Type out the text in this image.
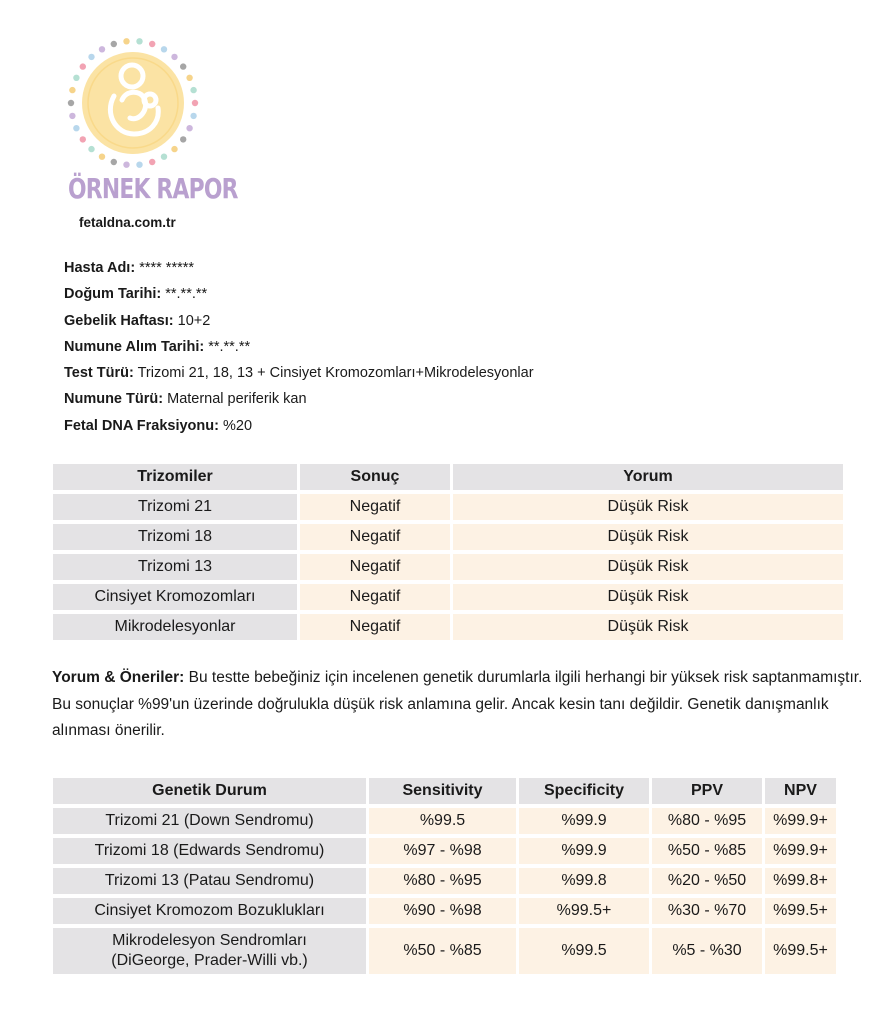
ÖRNEK RAPOR
fetaldna.com.tr
Hasta Adı: **** *****
Doğum Tarihi: **.**.**
Gebelik Haftası: 10+2
Numune Alım Tarihi: **.**.**
Test Türü: Trizomi 21, 18, 13 + Cinsiyet Kromozomları+Mikrodelesyonlar
Numune Türü: Maternal periferik kan
Fetal DNA Fraksiyonu: %20
Trizomiler	Sonuç	Yorum
Trizomi 21	Negatif	Düşük Risk
Trizomi 18	Negatif	Düşük Risk
Trizomi 13	Negatif	Düşük Risk
Cinsiyet Kromozomları	Negatif	Düşük Risk
Mikrodelesyonlar	Negatif	Düşük Risk
Yorum & Öneriler: Bu testte bebeğiniz için incelenen genetik durumlarla ilgili herhangi bir yüksek risk saptanmamıştır. Bu sonuçlar %99'un üzerinde doğrulukla düşük risk anlamına gelir. Ancak kesin tanı değildir. Genetik danışmanlık alınması önerilir.
Genetik Durum	Sensitivity	Specificity	PPV	NPV
Trizomi 21 (Down Sendromu)	%99.5	%99.9	%80 - %95	%99.9+
Trizomi 18 (Edwards Sendromu)	%97 - %98	%99.9	%50 - %85	%99.9+
Trizomi 13 (Patau Sendromu)	%80 - %95	%99.8	%20 - %50	%99.8+
Cinsiyet Kromozom Bozuklukları	%90 - %98	%99.5+	%30 - %70	%99.5+

Mikrodelesyon Sendromları
(DiGeorge, Prader-Willi vb.)	%50 - %85	%99.5	%5 - %30	%99.5+
